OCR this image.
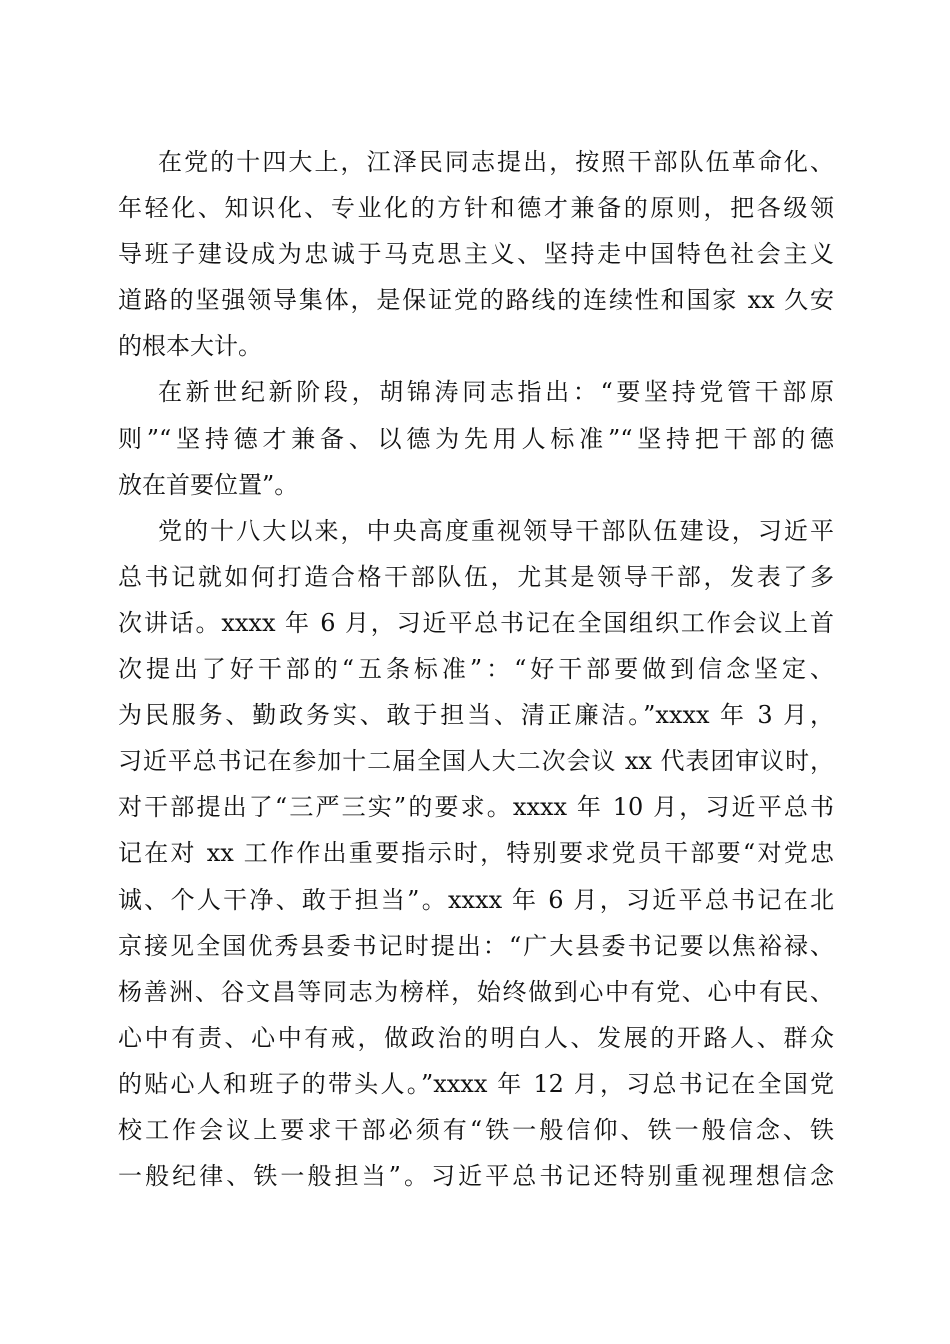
在党的十四大上，江泽民同志提出，按照干部队伍革命化、
年轻化、知识化、专业化的方针和德才兼备的原则，把各级领
导班子建设成为忠诚于马克思主义、坚持走中国特色社会主义
道路的坚强领导集体，是保证党的路线的连续性和国家 xx 久安
的根本大计。
在新世纪新阶段，胡锦涛同志指出：“要坚持党管干部原
则”“坚持德才兼备、以德为先用人标准”“坚持把干部的德
放在首要位置”。
党的十八大以来，中央高度重视领导干部队伍建设，习近平
总书记就如何打造合格干部队伍，尤其是领导干部，发表了多
次讲话。xxxx 年 6 月，习近平总书记在全国组织工作会议上首
次提出了好干部的“五条标准”：“好干部要做到信念坚定、
为民服务、勤政务实、敢于担当、清正廉洁。”xxxx 年 3 月，
习近平总书记在参加十二届全国人大二次会议 xx 代表团审议时，
对干部提出了“三严三实”的要求。xxxx 年 10 月，习近平总书
记在对 xx 工作作出重要指示时，特别要求党员干部要“对党忠
诚、个人干净、敢于担当”。xxxx 年 6 月，习近平总书记在北
京接见全国优秀县委书记时提出：“广大县委书记要以焦裕禄、
杨善洲、谷文昌等同志为榜样，始终做到心中有党、心中有民、
心中有责、心中有戒，做政治的明白人、发展的开路人、群众
的贴心人和班子的带头人。”xxxx 年 12 月，习总书记在全国党
校工作会议上要求干部必须有“铁一般信仰、铁一般信念、铁
一般纪律、铁一般担当”。习近平总书记还特别重视理想信念
